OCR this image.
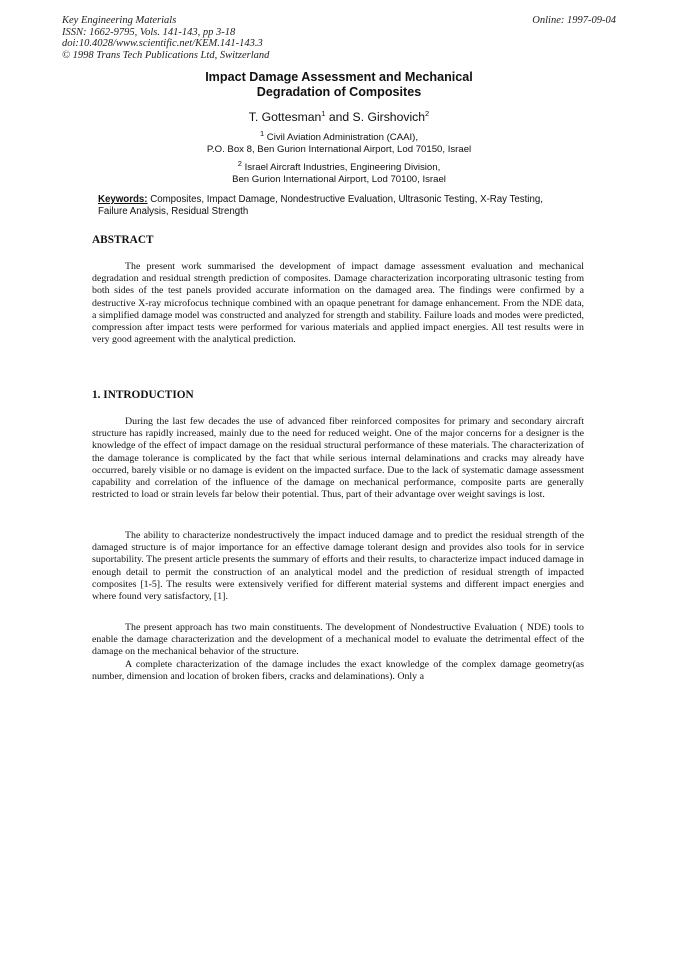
Key Engineering Materials
ISSN: 1662-9795, Vols. 141-143, pp 3-18
doi:10.4028/www.scientific.net/KEM.141-143.3
© 1998 Trans Tech Publications Ltd, Switzerland
Online: 1997-09-04
Impact Damage Assessment and Mechanical
Degradation of Composites
T. Gottesman$^1$ and S. Girshovich$^2$
$^1$ Civil Aviation Administration (CAAI),
P.O. Box 8, Ben Gurion International Airport, Lod 70150, Israel
$^2$ Israel Aircraft Industries, Engineering Division,
Ben Gurion International Airport, Lod 70100, Israel
Keywords: Composites, Impact Damage, Nondestructive Evaluation, Ultrasonic Testing, X-Ray Testing, Failure Analysis, Residual Strength
ABSTRACT

The present work summarised the development of impact damage assessment evaluation and mechanical degradation and residual strength prediction of composites. Damage characterization incorporating ultrasonic testing from both sides of the test panels provided accurate information on the damaged area. The findings were confirmed by a destructive X-ray microfocus technique combined with an opaque penetrant for damage enhancement. From the NDE data, a simplified damage model was constructed and analyzed for strength and stability. Failure loads and modes were predicted, compression after impact tests were performed for various materials and applied impact energies. All test results were in very good agreement with the analytical prediction.

1. INTRODUCTION

During the last few decades the use of advanced fiber reinforced composites for primary and secondary aircraft structure has rapidly increased, mainly due to the need for reduced weight. One of the major concerns for a designer is the knowledge of the effect of impact damage on the residual structural performance of these materials. The characterization of the damage tolerance is complicated by the fact that while serious internal delaminations and cracks may already have occurred, barely visible or no damage is evident on the impacted surface. Due to the lack of systematic damage assessment capability and correlation of the influence of the damage on mechanical performance, composite parts are generally restricted to load or strain levels far below their potential. Thus, part of their advantage over weight savings is lost.

The ability to characterize nondestructively the impact induced damage and to predict the residual strength of the damaged structure is of major importance for an effective damage tolerant design and provides also tools for in service suportability. The present article presents the summary of efforts and their results, to characterize impact induced damage in enough detail to permit the construction of an analytical model and the prediction of residual strength of impacted composites [1-5]. The results were extensively verified for different material systems and different impact energies and where found very satisfactory, [1].

The present approach has two main constituents. The development of Nondestructive Evaluation ( NDE) tools to enable the damage characterization and the development of a mechanical model to evaluate the detrimental effect of the damage on the mechanical behavior of the structure.

A complete characterization of the damage includes the exact knowledge of the complex damage geometry(as number, dimension and location of broken fibers, cracks and delaminations). Only a
